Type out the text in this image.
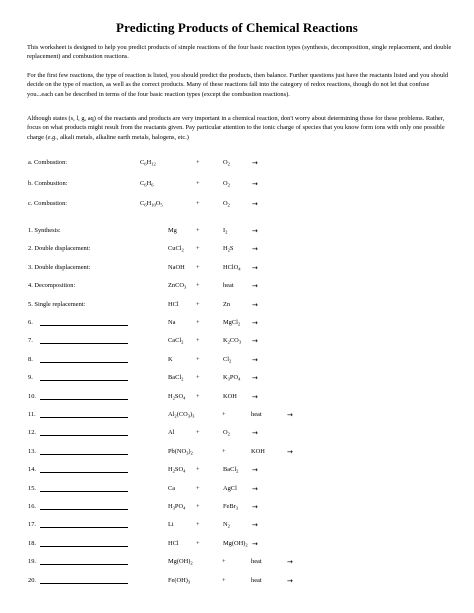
Predicting Products of Chemical Reactions

This worksheet is designed to help you predict products of simple reactions of the four basic reaction types (synthesis, decomposition, single replacement, and double replacement) and combustion reactions.

For the first few reactions, the type of reaction is listed, you should predict the products, then balance. Further questions just have the reactants listed and you should decide on the type of reaction, as well as the correct products. Many of these reactions fall into the category of redox reactions, though do not let that confuse you...each can be described in terms of the four basic reaction types (except the combustion reactions).

Although states (s, l, g, aq) of the reactants and products are very important in a chemical reaction, don't worry about determining those for these problems. Rather, focus on what products might result from the reactants given. Pay particular attention to the ionic charge of species that you know form ions with only one possible charge (e.g., alkali metals, alkaline earth metals, halogens, etc.)

a. Combustion:	$C_6H_{12}$	+	$O_2$	→
b. Combustion:	$C_6H_6$	+	$O_2$	→
c. Combustion:	$C_6H_{10}O_5$	+	$O_2$	→
1. Synthesis:	Mg	+	$I_2$	→
2. Double displacement:	CuCl$_2$ +	$H_2S$	→
3. Double displacement:	NaOH +	HClO$_4$ →
4. Decomposition:	ZnCO$_3$ +	heat	→
5. Single replacement:	HCl	+	Zn	→
6.	Na	+	MgCl$_2$ →
7.	CaCl$_2$ +	$K_2CO_3$ →
8.	K	+	$Cl_2$	→
9.	BaCl$_2$ +	$K_3PO_4$ →
10.	$H_2SO_4$ +	KOH →
11.	$Al_2(CO_3)_3$	+	heat	→
12.	Al	+	$O_2$	→
13.	$Pb(NO_3)_2$	+	KOH	→
14.	$H_2SO_4$ +	BaCl$_2$ →
15.	Ca	+	AgCl →
16.	$H_3PO_4$ +	FeBr$_3$ →
17.	Li	+	$N_2$	→
18.	HCl	+	$Mg(OH)_2$ →
19.	$Mg(OH)_2$	+	heat	→
20.	$Fe(OH)_3$	+	heat	→
